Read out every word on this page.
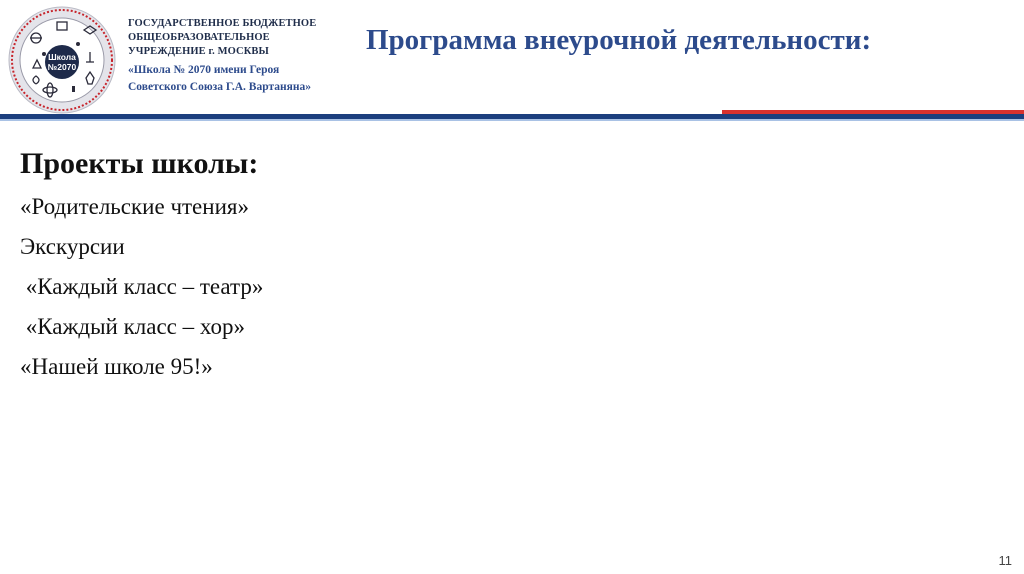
Школа
№2070
ГОСУДАРСТВЕННОЕ БЮДЖЕТНОЕ
ОБЩЕОБРАЗОВАТЕЛЬНОЕ
УЧРЕЖДЕНИЕ г. МОСКВЫ
«Школа № 2070 имени Героя
Советского Союза Г.А. Вартаняна»
Программа внеурочной деятельности:
Проекты школы:
«Родительские чтения»
Экскурсии
«Каждый класс – театр»
«Каждый класс – хор»
«Нашей школе 95!»
11
